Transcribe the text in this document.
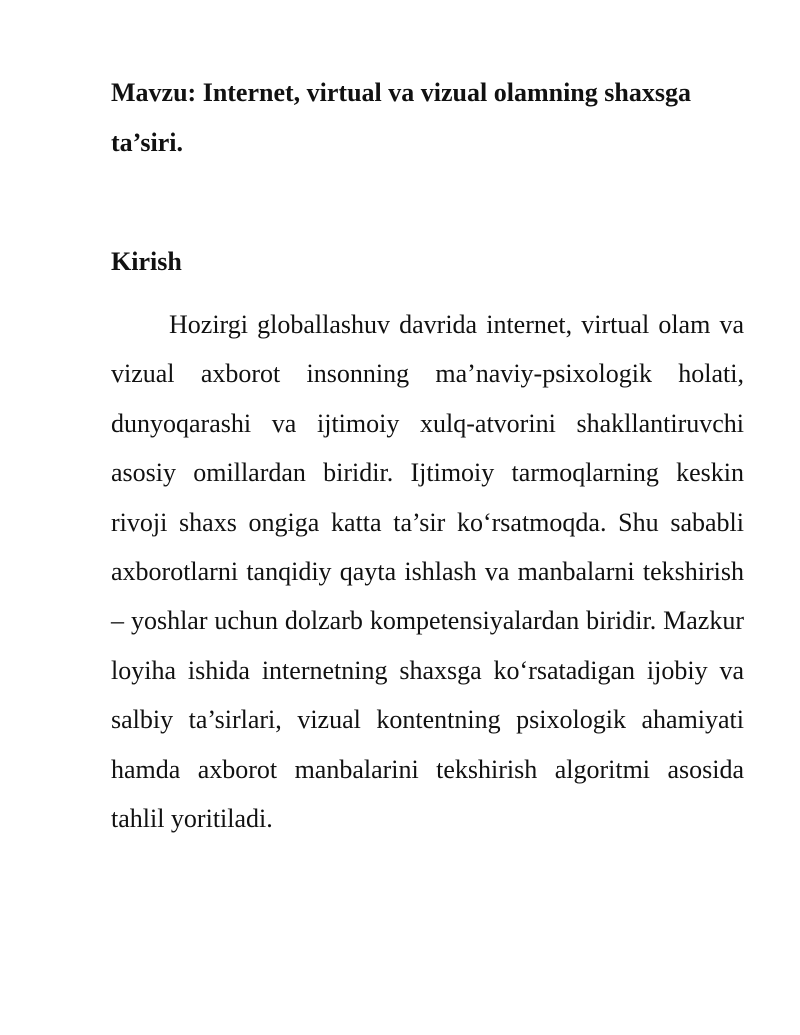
Mavzu: Internet, virtual va vizual olamning shaxsga ta’siri.
Kirish

Hozirgi globallashuv davrida internet, virtual olam va vizual axborot insonning ma’naviy-psixologik holati, dunyoqarashi va ijtimoiy xulq-atvorini shakllantiruvchi asosiy omillardan biridir. Ijtimoiy tarmoqlarning keskin rivoji shaxs ongiga katta ta’sir ko‘rsatmoqda. Shu sababli axborotlarni tanqidiy qayta ishlash va manbalarni tekshirish – yoshlar uchun dolzarb kompetensiyalardan biridir. Mazkur loyiha ishida internetning shaxsga ko‘rsatadigan ijobiy va salbiy ta’sirlari, vizual kontentning psixologik ahamiyati hamda axborot manbalarini tekshirish algoritmi asosida tahlil yoritiladi.
